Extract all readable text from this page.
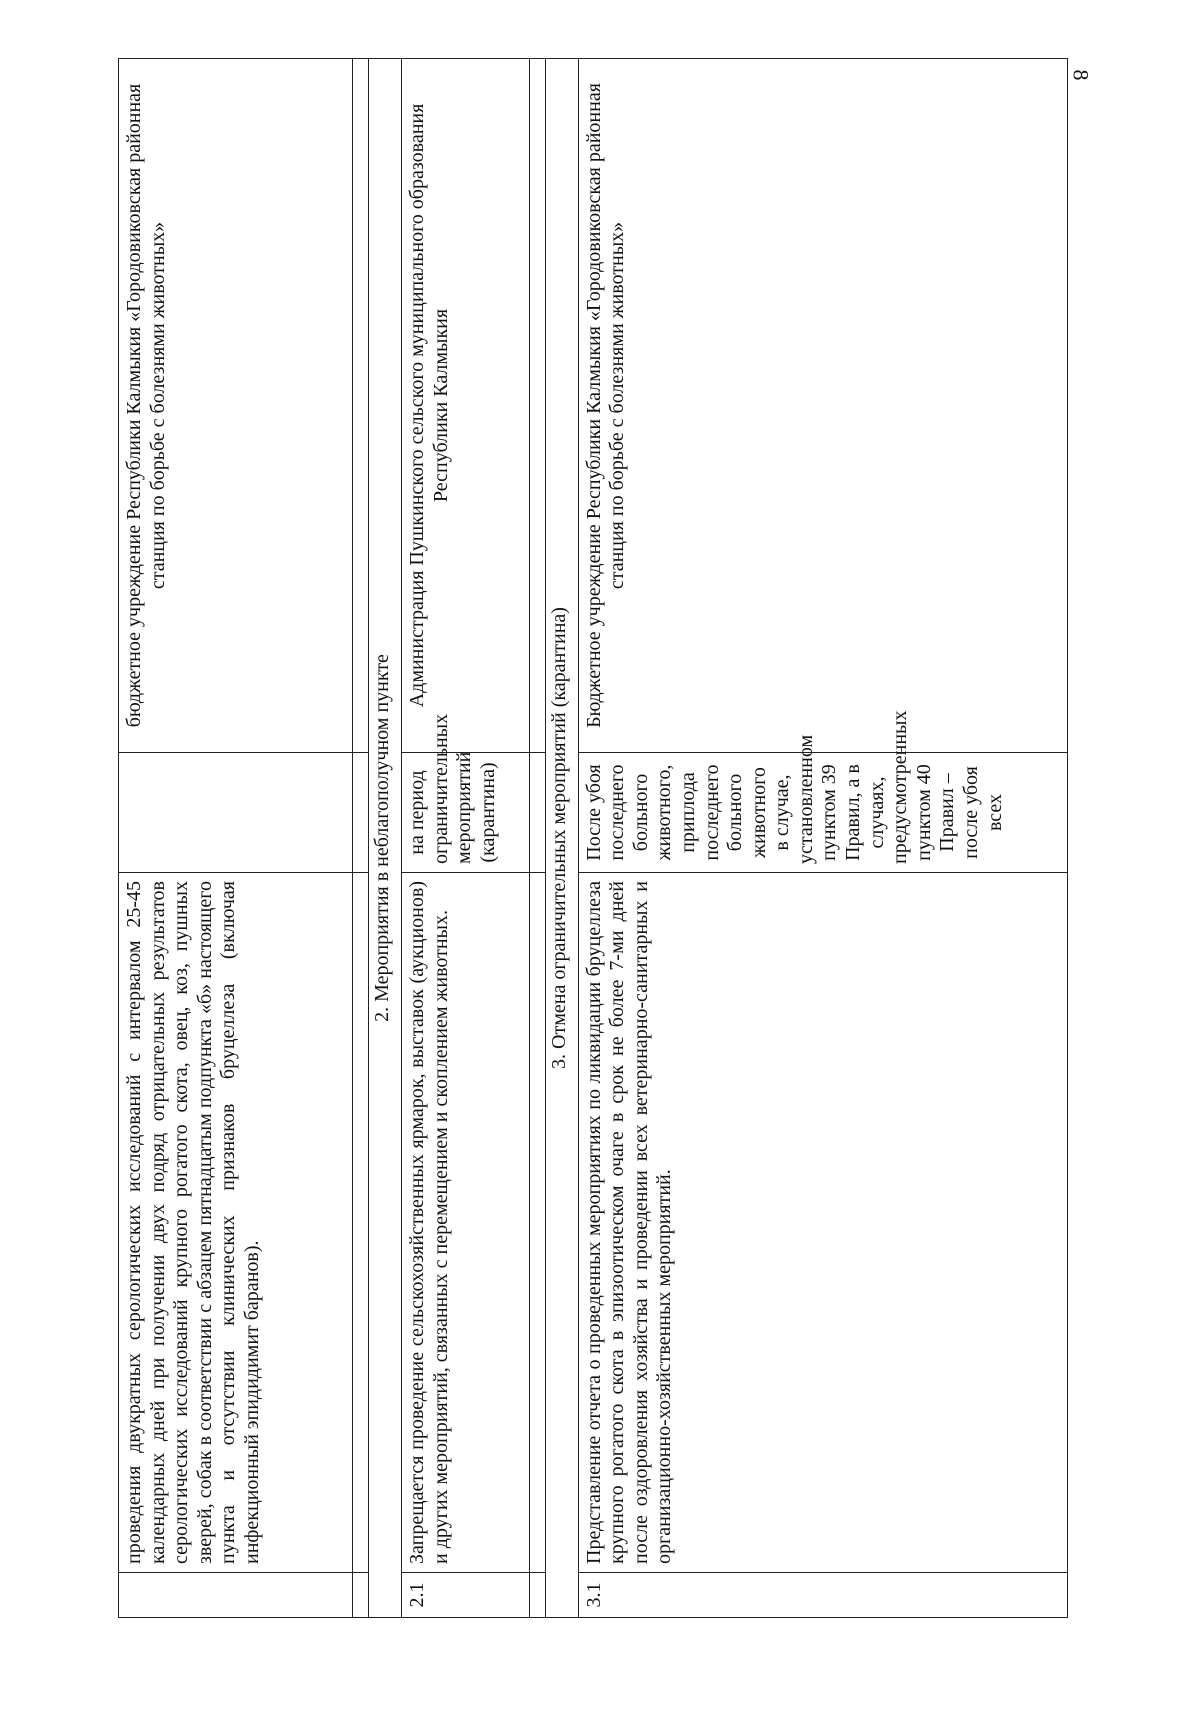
8
	проведения двукратных серологических исследований с интервалом 25-45 календарных дней при получении двух подряд отрицательных результатов серологических исследований крупного рогатого скота, овец, коз, пушных зверей, собак в соответствии с абзацем пятнадцатым подпункта «б» настоящего пункта и отсутствии клинических признаков бруцеллеза (включая инфекционный эпидидимит баранов).		бюджетное учреждение Республики Калмыкия «Городовиковская районная станция по борьбе с болезнями животных»

2. Мероприятия в неблагополучном пункте			
2.1	Запрещается проведение сельскохозяйственных ярмарок, выставок (аукционов) и других мероприятий, связанных с перемещением и скоплением животных.	на период ограничительных мероприятий (карантина)	Администрация Пушкинского сельского муниципального образования Республики Калмыкия

3. Отмена ограничительных мероприятий (карантина)			
3.1	Представление отчета о проведенных мероприятиях по ликвидации бруцеллеза крупного рогатого скота в эпизоотическом очаге в срок не более 7-ми дней после оздоровления хозяйства и проведении всех ветеринарно-санитарных и организационно-хозяйственных мероприятий.	После убоя последнего больного животного, приплода последнего больного животного в случае, установленном пунктом 39 Правил, а в случаях, предусмотренных пунктом 40 Правил – после убоя всех	Бюджетное учреждение Республики Калмыкия «Городовиковская районная станция по борьбе с болезнями животных»
